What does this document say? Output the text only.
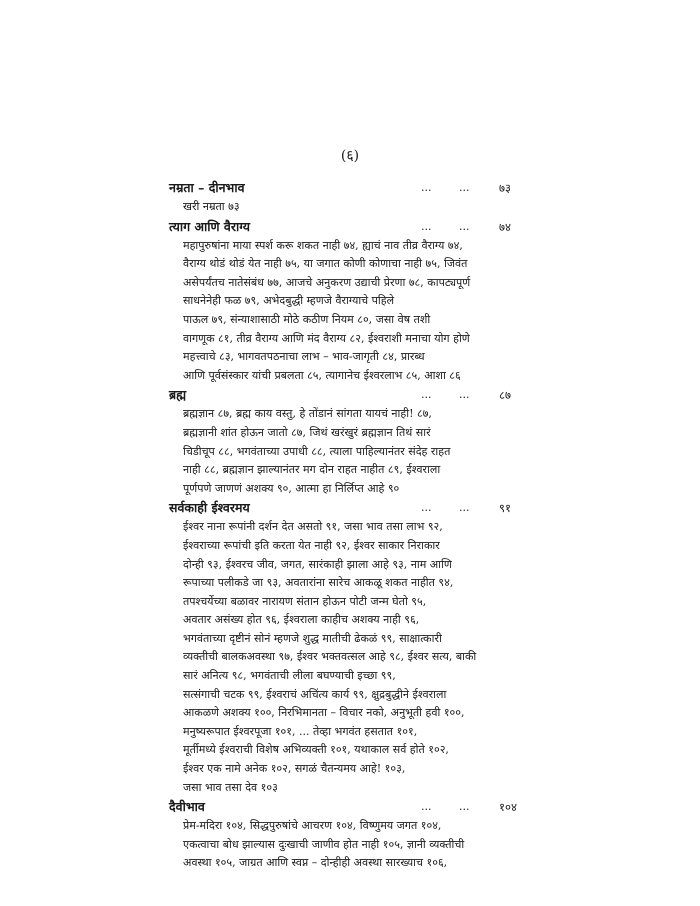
(६)
नम्रता – दीनभाव	...	...	७३
खरी नम्रता ७३
त्याग आणि वैराग्य	...	...	७४
महापुरुषांना माया स्पर्श करू शकत नाही ७४, ह्याचं नाव तीव्र वैराग्य ७४,
वैराग्य थोडं थोडं येत नाही ७५, या जगात कोणी कोणाचा नाही ७५, जिवंत
असेपर्यंतच नातेसंबंध ७७, आजचे अनुकरण उद्याची प्रेरणा ७८, कापट्यपूर्ण
साधनेनेही फळ ७९, अभेदबुद्धी म्हणजे वैराग्याचे पहिले
पाऊल ७९, संन्याशासाठी मोठे कठीण नियम ८०, जसा वेष तशी
वागणूक ८१, तीव्र वैराग्य आणि मंद वैराग्य ८२, ईश्वराशी मनाचा योग होणे
महत्त्वाचे ८३, भागवतपठनाचा लाभ – भाव-जागृती ८४, प्रारब्ध
आणि पूर्वसंस्कार यांची प्रबलता ८५, त्यागानेच ईश्वरलाभ ८५, आशा ८६
ब्रह्म	...	...	८७
ब्रह्मज्ञान ८७, ब्रह्म काय वस्तु, हे तोंडानं सांगता यायचं नाही! ८७,
ब्रह्मज्ञानी शांत होऊन जातो ८७, जिथं खरंखुरं ब्रह्मज्ञान तिथं सारं
चिडीचूप ८८, भगवंताच्या उपाधी ८८, त्याला पाहिल्यानंतर संदेह राहत
नाही ८८, ब्रह्मज्ञान झाल्यानंतर मग दोन राहत नाहीत ८९, ईश्वराला
पूर्णपणे जाणणं अशक्य ९०, आत्मा हा निर्लिप्त आहे ९०
सर्वकाही ईश्वरमय	...	...	९१
ईश्वर नाना रूपांनी दर्शन देत असतो ९१, जसा भाव तसा लाभ ९२,
ईश्वराच्या रूपांची इति करता येत नाही ९२, ईश्वर साकार निराकार
दोन्ही ९३, ईश्वरच जीव, जगत, सारंकाही झाला आहे ९३, नाम आणि
रूपाच्या पलीकडे जा ९३, अवतारांना सारेच आकळू शकत नाहीत ९४,
तपश्चर्येच्या बळावर नारायण संतान होऊन पोटी जन्म घेतो ९५,
अवतार असंख्य होत ९६, ईश्वराला काहीच अशक्य नाही ९६,
भगवंताच्या दृष्टीनं सोनं म्हणजे शुद्ध मातीची ढेकळं ९९, साक्षात्कारी
व्यक्तीची बालकअवस्था ९७, ईश्वर भक्तवत्सल आहे ९८, ईश्वर सत्य, बाकी
सारं अनित्य ९८, भगवंताची लीला बघण्याची इच्छा ९९,
सत्संगाची चटक ९९, ईश्वराचं अचिंत्य कार्य ९९, क्षुद्रबुद्धीने ईश्वराला
आकळणे अशक्य १००, निरभिमानता – विचार नको, अनुभूती हवी १००,
मनुष्यरूपात ईश्वरपूजा १०१, ... तेव्हा भगवंत हसतात १०१,
मूर्तीमध्ये ईश्वराची विशेष अभिव्यक्ती १०१, यथाकाल सर्व होते १०२,
ईश्वर एक नामे अनेक १०२, सगळं चैतन्यमय आहे! १०३,
जसा भाव तसा देव १०३
दैवीभाव	...	...	१०४
प्रेम-मदिरा १०४, सिद्धपुरुषांचे आचरण १०४, विष्णुमय जगत १०४,
एकत्वाचा बोध झाल्यास दुःखाची जाणीव होत नाही १०५, ज्ञानी व्यक्तीची
अवस्था १०५, जाग्रत आणि स्वप्न – दोन्हीही अवस्था सारख्याच १०६,
